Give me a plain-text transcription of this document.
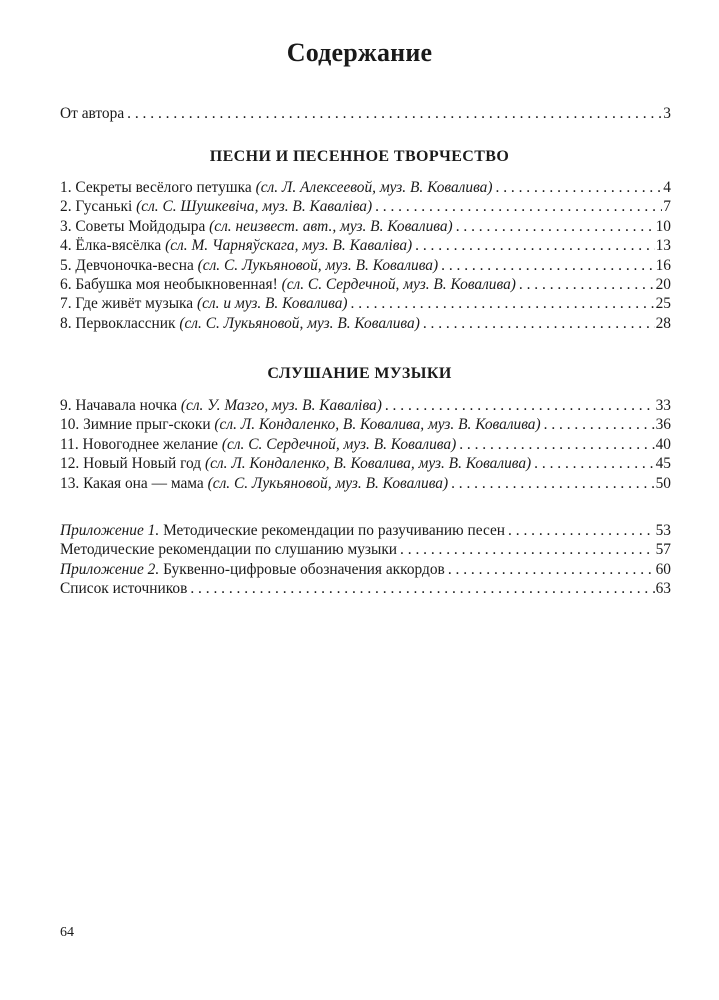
Содержание
От автора . . .	3
ПЕСНИ И ПЕСЕННОЕ ТВОРЧЕСТВО
1. Секреты весёлого петушка (сл. Л. Алексеевой, муз. В. Ковалива) . . .	4
2. Гусанькі (сл. С. Шушкевіча, муз. В. Каваліва) . . .	7
3. Советы Мойдодыра (сл. неизвест. авт., муз. В. Ковалива) . . .	10
4. Ёлка-вясёлка (сл. М. Чарняўскага, муз. В. Каваліва) . . .	13
5. Девчоночка-весна (сл. С. Лукьяновой, муз. В. Ковалива) . . .	16
6. Бабушка моя необыкновенная! (сл. С. Сердечной, муз. В. Ковалива) . . .	20
7. Где живёт музыка (сл. и муз. В. Ковалива) . . .	25
8. Первоклассник (сл. С. Лукьяновой, муз. В. Ковалива) . . .	28
СЛУШАНИЕ МУЗЫКИ
9. Начавала ночка (сл. У. Мазго, муз. В. Каваліва) . . .	33
10. Зимние прыг-скоки (сл. Л. Кондаленко, В. Ковалива, муз. В. Ковалива) . . .	36
11. Новогоднее желание (сл. С. Сердечной, муз. В. Ковалива) . . .	40
12. Новый Новый год (сл. Л. Кондаленко, В. Ковалива, муз. В. Ковалива) . . .	45
13. Какая она — мама (сл. С. Лукьяновой, муз. В. Ковалива) . . .	50
Приложение 1. Методические рекомендации по разучиванию песен . . .	53
Методические рекомендации по слушанию музыки . . .	57
Приложение 2. Буквенно-цифровые обозначения аккордов . . .	60
Список источников . . .	63
64
